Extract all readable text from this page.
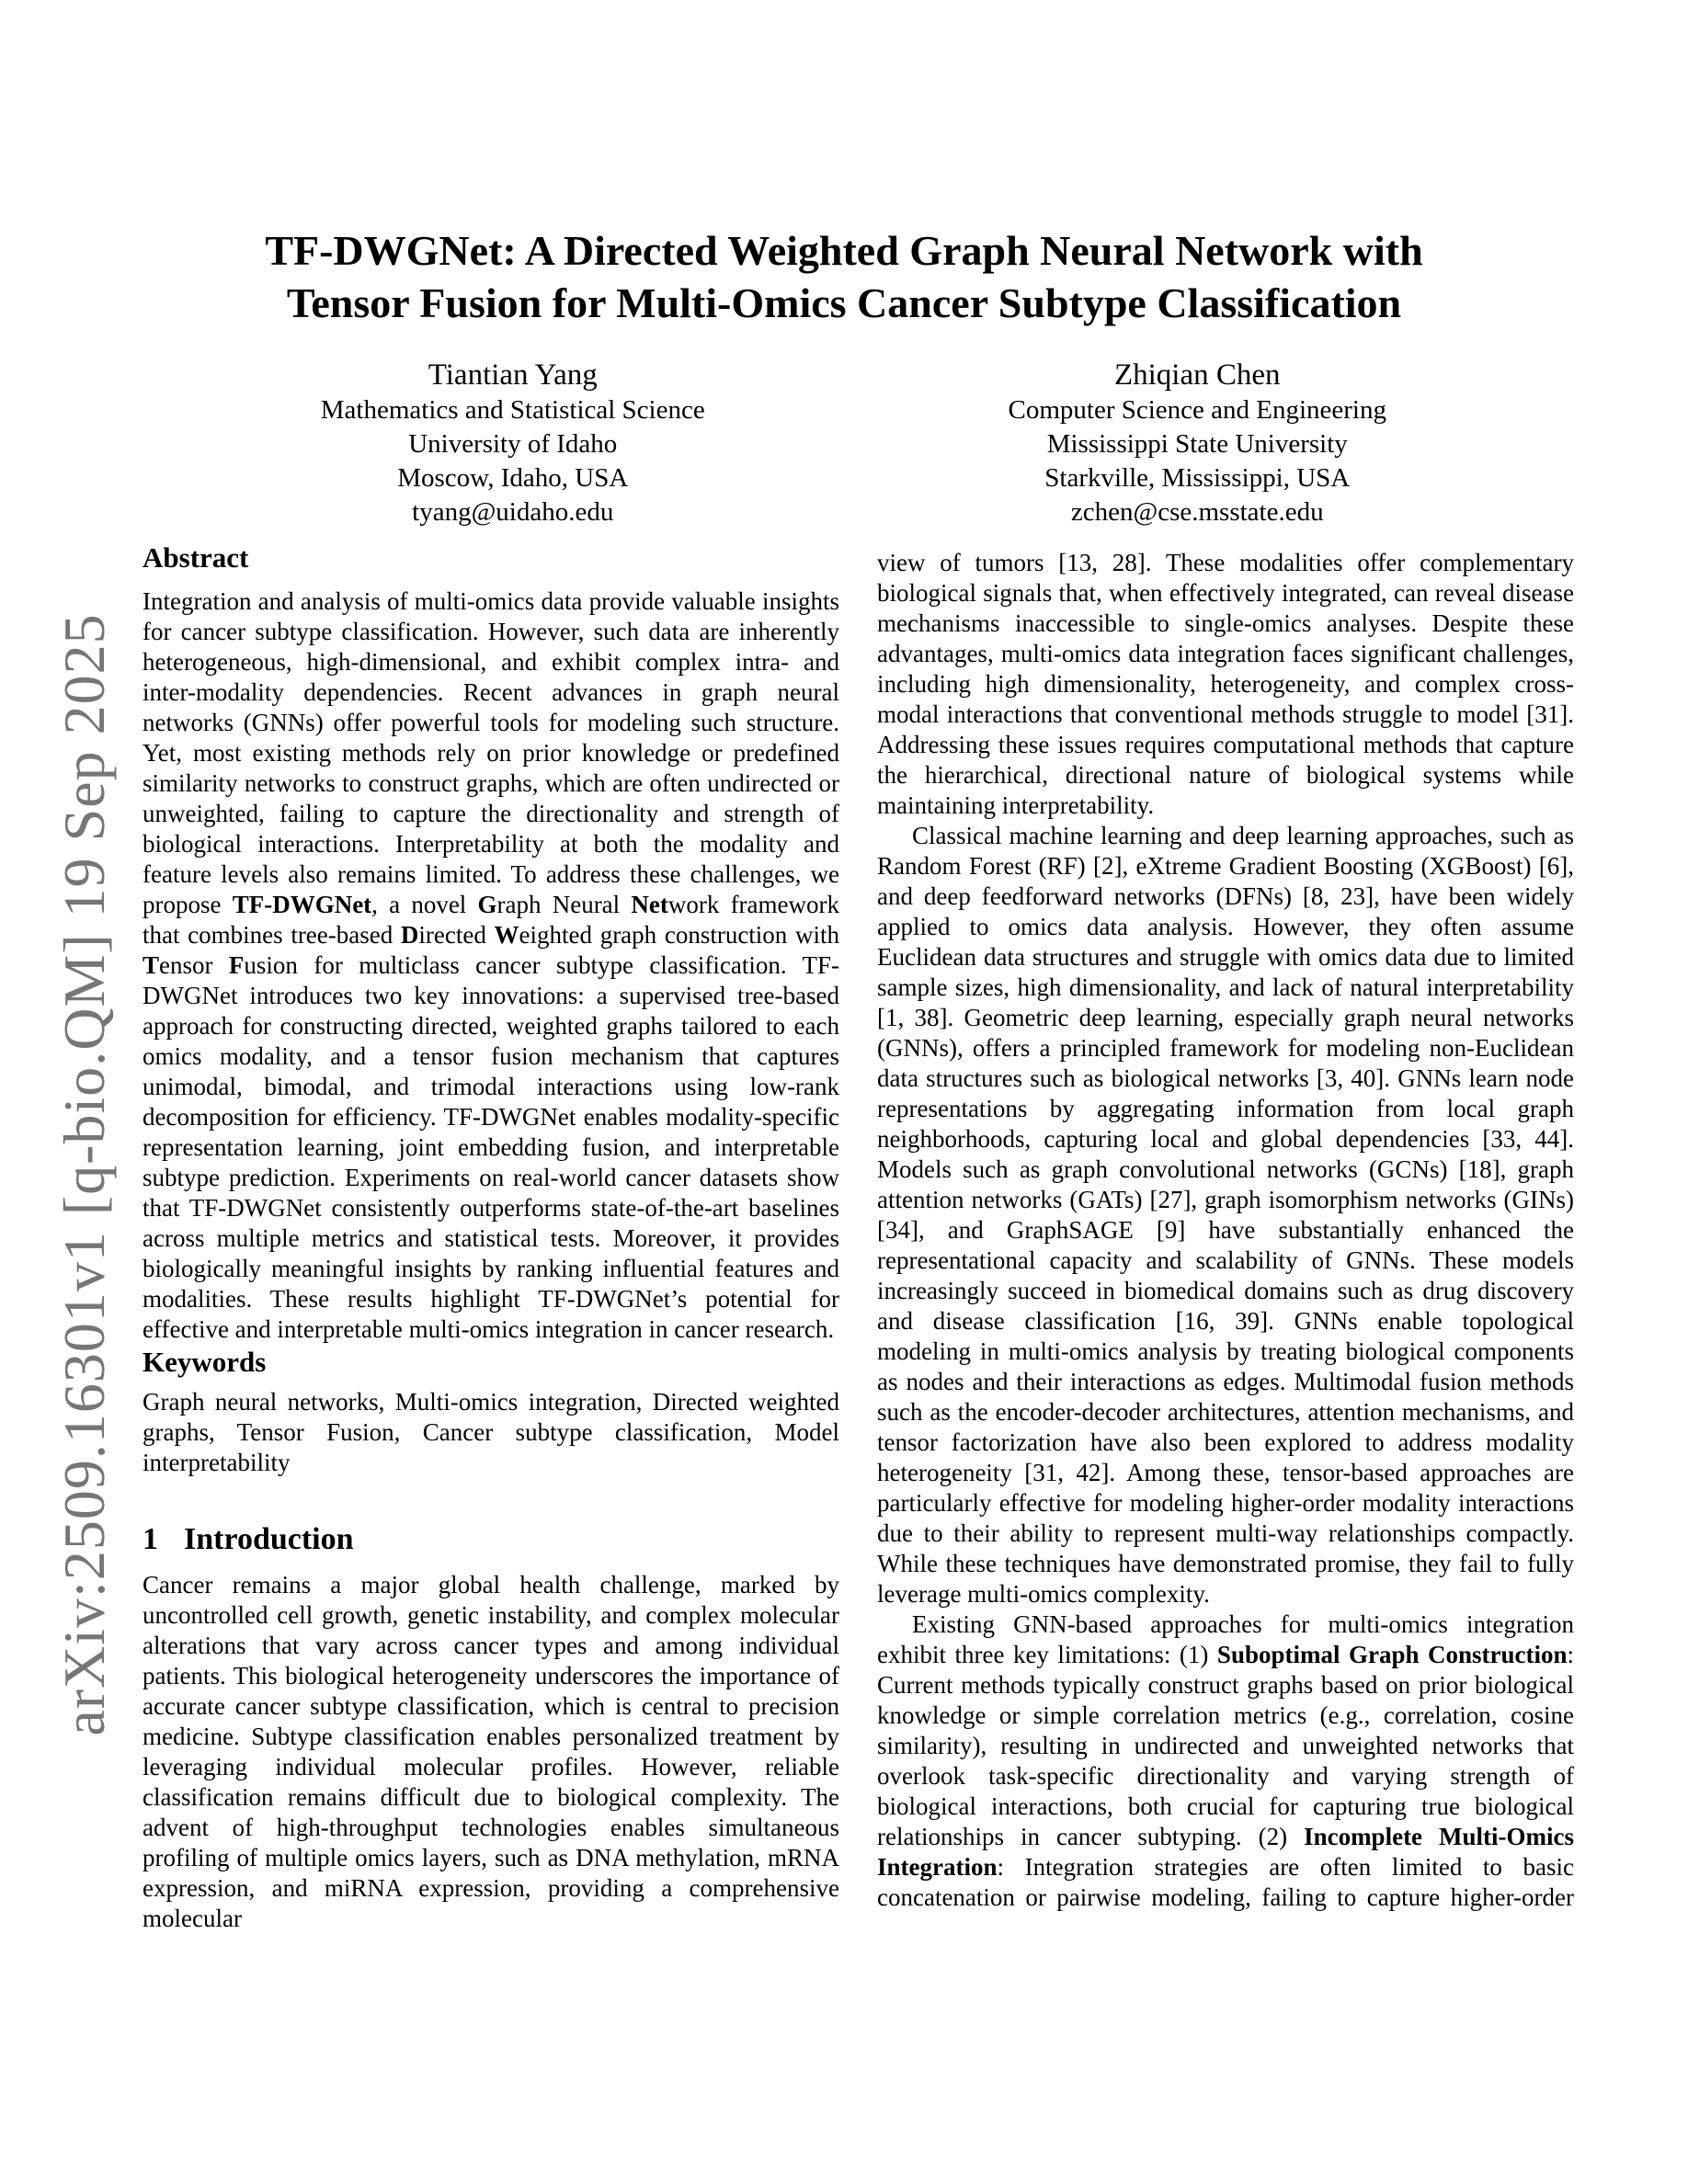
arXiv:2509.16301v1 [q-bio.QM] 19 Sep 2025
TF-DWGNet: A Directed Weighted Graph Neural Network with
Tensor Fusion for Multi-Omics Cancer Subtype Classification
Tiantian Yang
Mathematics and Statistical Science
University of Idaho
Moscow, Idaho, USA
tyang@uidaho.edu
Zhiqian Chen
Computer Science and Engineering
Mississippi State University
Starkville, Mississippi, USA
zchen@cse.msstate.edu
Abstract

Integration and analysis of multi-omics data provide valuable insights for cancer subtype classification. However, such data are inherently heterogeneous, high-dimensional, and exhibit complex intra- and inter-modality dependencies. Recent advances in graph neural networks (GNNs) offer powerful tools for modeling such structure. Yet, most existing methods rely on prior knowledge or predefined similarity networks to construct graphs, which are often undirected or unweighted, failing to capture the directionality and strength of biological interactions. Interpretability at both the modality and feature levels also remains limited. To address these challenges, we propose TF-DWGNet, a novel Graph Neural Network framework that combines tree-based Directed Weighted graph construction with Tensor Fusion for multiclass cancer subtype classification. TF-DWGNet introduces two key innovations: a supervised tree-based approach for constructing directed, weighted graphs tailored to each omics modality, and a tensor fusion mechanism that captures unimodal, bimodal, and trimodal interactions using low-rank decomposition for efficiency. TF-DWGNet enables modality-specific representation learning, joint embedding fusion, and interpretable subtype prediction. Experiments on real-world cancer datasets show that TF-DWGNet consistently outperforms state-of-the-art baselines across multiple metrics and statistical tests. Moreover, it provides biologically meaningful insights by ranking influential features and modalities. These results highlight TF-DWGNet’s potential for effective and interpretable multi-omics integration in cancer research.

Keywords

Graph neural networks, Multi-omics integration, Directed weighted graphs, Tensor Fusion, Cancer subtype classification, Model interpretability

1 Introduction

Cancer remains a major global health challenge, marked by uncontrolled cell growth, genetic instability, and complex molecular alterations that vary across cancer types and among individual patients. This biological heterogeneity underscores the importance of accurate cancer subtype classification, which is central to precision medicine. Subtype classification enables personalized treatment by leveraging individual molecular profiles. However, reliable classification remains difficult due to biological complexity. The advent of high-throughput technologies enables simultaneous profiling of multiple omics layers, such as DNA methylation, mRNA expression, and miRNA expression, providing a comprehensive molecular

view of tumors [13, 28]. These modalities offer complementary biological signals that, when effectively integrated, can reveal disease mechanisms inaccessible to single-omics analyses. Despite these advantages, multi-omics data integration faces significant challenges, including high dimensionality, heterogeneity, and complex cross-modal interactions that conventional methods struggle to model [31]. Addressing these issues requires computational methods that capture the hierarchical, directional nature of biological systems while maintaining interpretability.

Classical machine learning and deep learning approaches, such as Random Forest (RF) [2], eXtreme Gradient Boosting (XGBoost) [6], and deep feedforward networks (DFNs) [8, 23], have been widely applied to omics data analysis. However, they often assume Euclidean data structures and struggle with omics data due to limited sample sizes, high dimensionality, and lack of natural interpretability [1, 38]. Geometric deep learning, especially graph neural networks (GNNs), offers a principled framework for modeling non-Euclidean data structures such as biological networks [3, 40]. GNNs learn node representations by aggregating information from local graph neighborhoods, capturing local and global dependencies [33, 44]. Models such as graph convolutional networks (GCNs) [18], graph attention networks (GATs) [27], graph isomorphism networks (GINs) [34], and GraphSAGE [9] have substantially enhanced the representational capacity and scalability of GNNs. These models increasingly succeed in biomedical domains such as drug discovery and disease classification [16, 39]. GNNs enable topological modeling in multi-omics analysis by treating biological components as nodes and their interactions as edges. Multimodal fusion methods such as the encoder-decoder architectures, attention mechanisms, and tensor factorization have also been explored to address modality heterogeneity [31, 42]. Among these, tensor-based approaches are particularly effective for modeling higher-order modality interactions due to their ability to represent multi-way relationships compactly. While these techniques have demonstrated promise, they fail to fully leverage multi-omics complexity.

Existing GNN-based approaches for multi-omics integration exhibit three key limitations: (1) Suboptimal Graph Construction: Current methods typically construct graphs based on prior biological knowledge or simple correlation metrics (e.g., correlation, cosine similarity), resulting in undirected and unweighted networks that overlook task-specific directionality and varying strength of biological interactions, both crucial for capturing true biological relationships in cancer subtyping. (2) Incomplete Multi-Omics Integration: Integration strategies are often limited to basic concatenation or pairwise modeling, failing to capture higher-order
